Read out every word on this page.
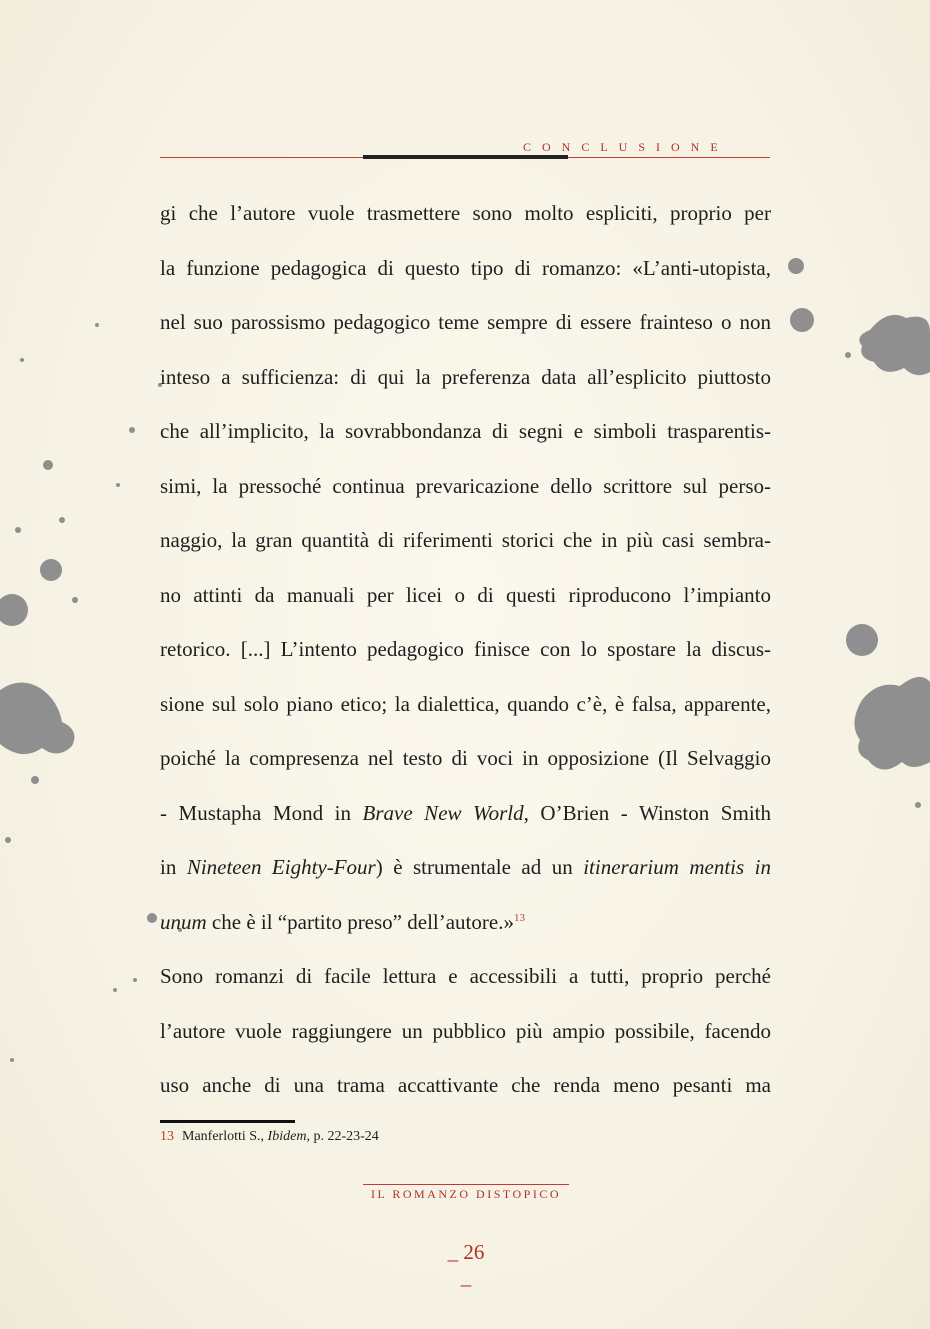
CONCLUSIONE

gi che l’autore vuole trasmettere sono molto espliciti, proprio per
la funzione pedagogica di questo tipo di romanzo: «L’anti-utopista,
nel suo parossismo pedagogico teme sempre di essere frainteso o non
inteso a sufficienza: di qui la preferenza data all’esplicito piuttosto
che all’implicito, la sovrabbondanza di segni e simboli trasparentis-
simi, la pressoché continua prevaricazione dello scrittore sul perso-
naggio, la gran quantità di riferimenti storici che in più casi sembra-
no attinti da manuali per licei o di questi riproducono l’impianto
retorico. [...] L’intento pedagogico finisce con lo spostare la discus-
sione sul solo piano etico; la dialettica, quando c’è, è falsa, apparente,
poiché la compresenza nel testo di voci in opposizione (Il Selvaggio
- Mustapha Mond in Brave New World, O’Brien - Winston Smith
in Nineteen Eighty-Four) è strumentale ad un itinerarium mentis in
unum che è il “partito preso” dell’autore.»$^{13}$

Sono romanzi di facile lettura e accessibili a tutti, proprio perché
l’autore vuole raggiungere un pubblico più ampio possibile, facendo
uso anche di una trama accattivante che renda meno pesanti ma

13 Manferlotti S., Ibidem, p. 22-23-24
IL ROMANZO DISTOPICO
_ 26 _
